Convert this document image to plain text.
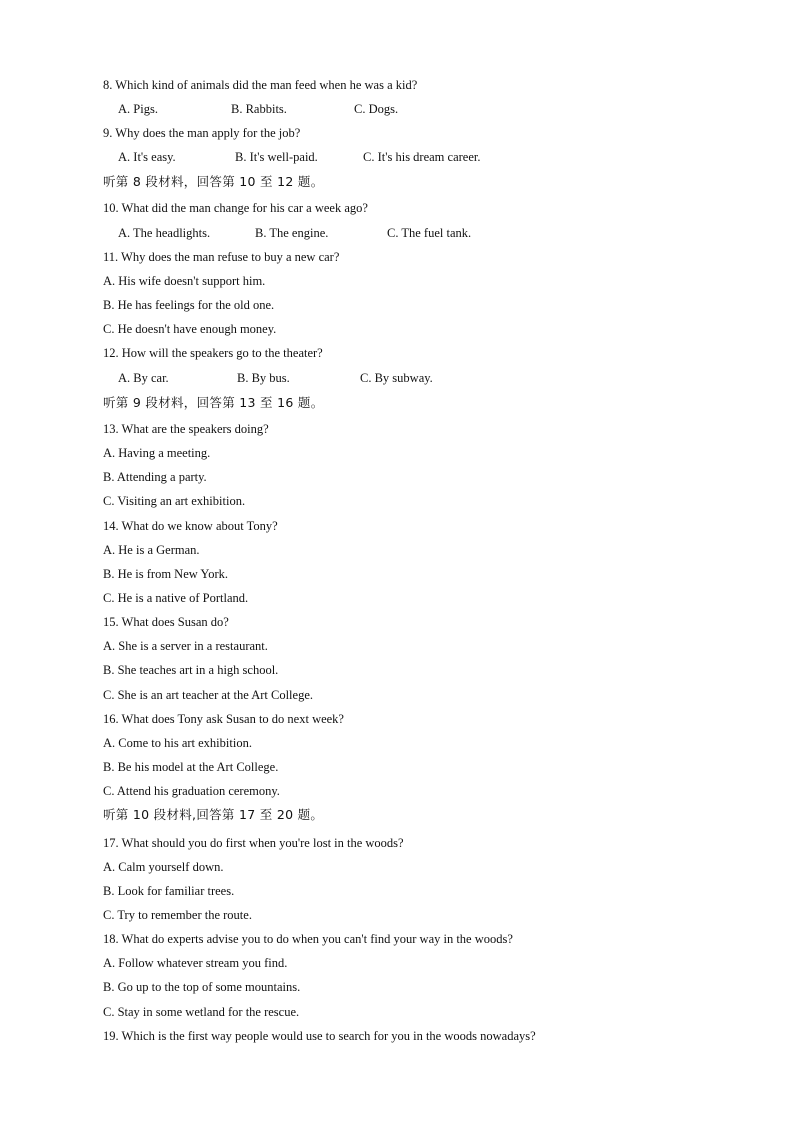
8. Which kind of animals did the man feed when he was a kid?
A. Pigs.	B. Rabbits.	C. Dogs.
9. Why does the man apply for the job?
A. It's easy.	B. It's well-paid.	C. It's his dream career.
听第 8 段材料，回答第 10 至 12 题。
10. What did the man change for his car a week ago?
A. The headlights.	B. The engine.	C. The fuel tank.
11. Why does the man refuse to buy a new car?
A. His wife doesn't support him.
B. He has feelings for the old one.
C. He doesn't have enough money.
12. How will the speakers go to the theater?
A. By car.	B. By bus.	C. By subway.
听第 9 段材料，回答第 13 至 16 题。
13. What are the speakers doing?
A. Having a meeting.
B. Attending a party.
C. Visiting an art exhibition.
14. What do we know about Tony?
A. He is a German.
B. He is from New York.
C. He is a native of Portland.
15. What does Susan do?
A. She is a server in a restaurant.
B. She teaches art in a high school.
C. She is an art teacher at the Art College.
16. What does Tony ask Susan to do next week?
A. Come to his art exhibition.
B. Be his model at the Art College.
C. Attend his graduation ceremony.
听第 10 段材料,回答第 17 至 20 题。
17. What should you do first when you're lost in the woods?
A. Calm yourself down.
B. Look for familiar trees.
C. Try to remember the route.
18. What do experts advise you to do when you can't find your way in the woods?
A. Follow whatever stream you find.
B. Go up to the top of some mountains.
C. Stay in some wetland for the rescue.
19. Which is the first way people would use to search for you in the woods nowadays?
